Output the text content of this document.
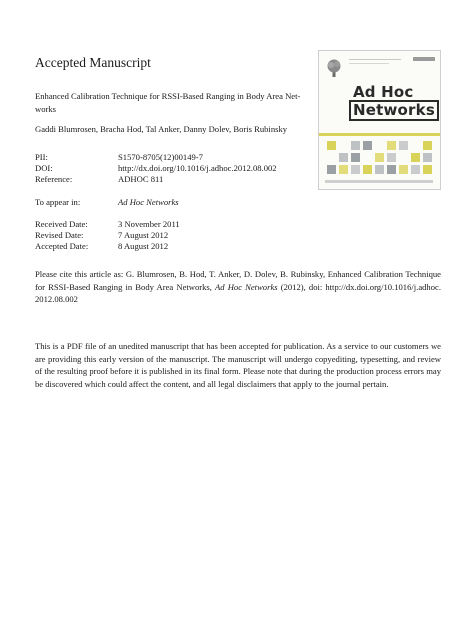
Accepted Manuscript
Enhanced Calibration Technique for RSSI-Based Ranging in Body Area Net- works
Gaddi Blumrosen, Bracha Hod, Tal Anker, Danny Dolev, Boris Rubinsky
PII:	S1570-8705(12)00149-7
DOI:	http://dx.doi.org/10.1016/j.adhoc.2012.08.002
Reference:	ADHOC 811
To appear in:	Ad Hoc Networks
Received Date:	3 November 2011
Revised Date:	7 August 2012
Accepted Date:	8 August 2012
Please cite this article as: G. Blumrosen, B. Hod, T. Anker, D. Dolev, B. Rubinsky, Enhanced Calibration Technique for RSSI-Based Ranging in Body Area Networks, Ad Hoc Networks (2012), doi: http://dx.doi.org/10.1016/j.adhoc. 2012.08.002
This is a PDF file of an unedited manuscript that has been accepted for publication. As a service to our customers we are providing this early version of the manuscript. The manuscript will undergo copyediting, typesetting, and review of the resulting proof before it is published in its final form. Please note that during the production process errors may be discovered which could affect the content, and all legal disclaimers that apply to the journal pertain.
Ad Hoc
Networks
